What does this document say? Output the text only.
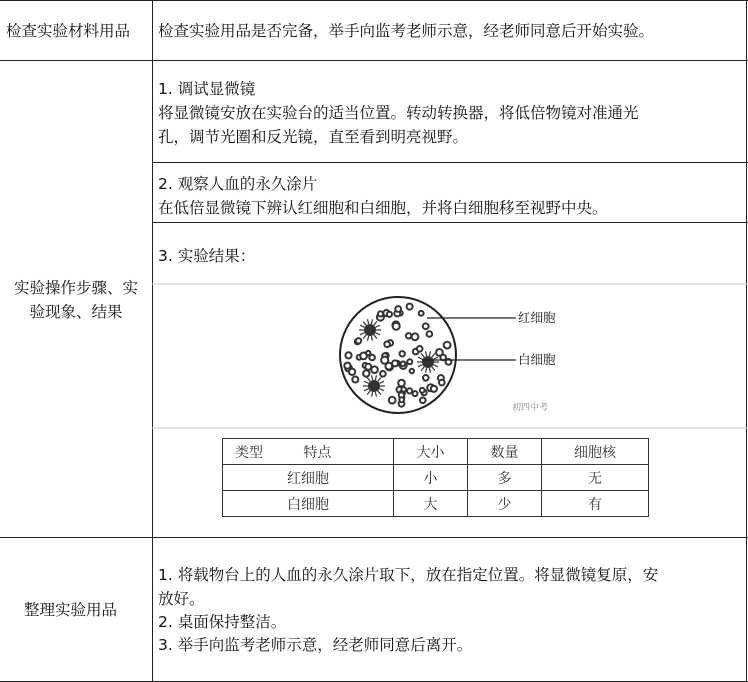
检查实验材料用品 检查实验用品是否完备，举手向监考老师示意，经老师同意后开始实验。
实验操作步骤、实
验现象、结果
1. 调试显微镜
将显微镜安放在实验台的适当位置。转动转换器，将低倍物镜对准通光
孔，调节光圈和反光镜，直至看到明亮视野。
2. 观察人血的永久涂片
在低倍显微镜下辨认红细胞和白细胞，并将白细胞移至视野中央。
3. 实验结果：
红细胞
白细胞
初四中考
类型 特点	大小	数量	细胞核
红细胞	小	多	无
白细胞	大	少	有
整理实验用品
1. 将载物台上的人血的永久涂片取下，放在指定位置。将显微镜复原，安
放好。
2. 桌面保持整洁。
3. 举手向监考老师示意，经老师同意后离开。
